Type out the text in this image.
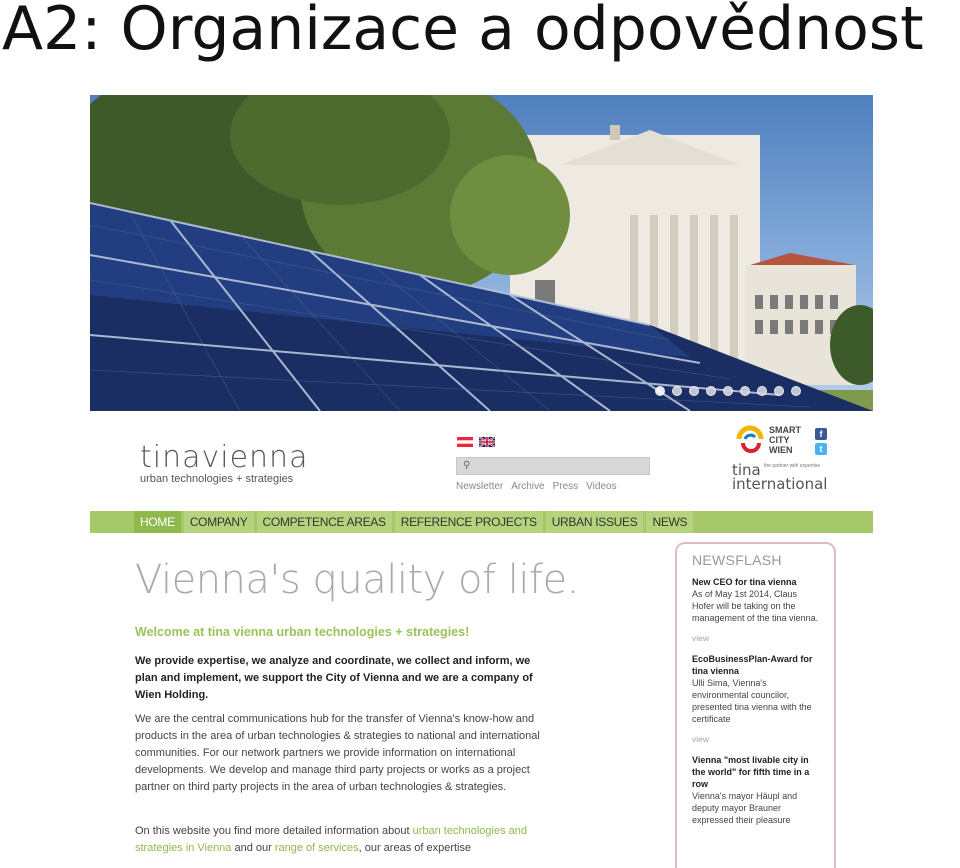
A2: Organizace a odpovědnost
tinavienna
urban technologies + strategies
⚲
Newsletter Archive Press Videos
SMART
CITY
WIEN
f
t
tina
international
the partner with expertise
HOME	COMPANY	COMPETENCE AREAS	REFERENCE PROJECTS	URBAN ISSUES	NEWS
Vienna's quality of life.
Welcome at tina vienna urban technologies + strategies!
We provide expertise, we analyze and coordinate, we collect and inform, we plan and implement, we support the City of Vienna and we are a company of Wien Holding.
We are the central communications hub for the transfer of Vienna's know-how and products in the area of urban technologies & strategies to national and international communities. For our network partners we provide information on international developments. We develop and manage third party projects or works as a project partner on third party projects in the area of urban technologies & strategies.
On this website you find more detailed information about urban technologies and strategies in Vienna and our range of services, our areas of expertise
NEWSFLASH
New CEO for tina vienna
As of May 1st 2014, Claus Hofer will be taking on the management of the tina vienna.
view
EcoBusinessPlan-Award for tina vienna
Ulli Sima, Vienna's environmental councilor, presented tina vienna with the certificate
view
Vienna "most livable city in the world" for fifth time in a row
Vienna's mayor Häupl and deputy mayor Brauner expressed their pleasure
